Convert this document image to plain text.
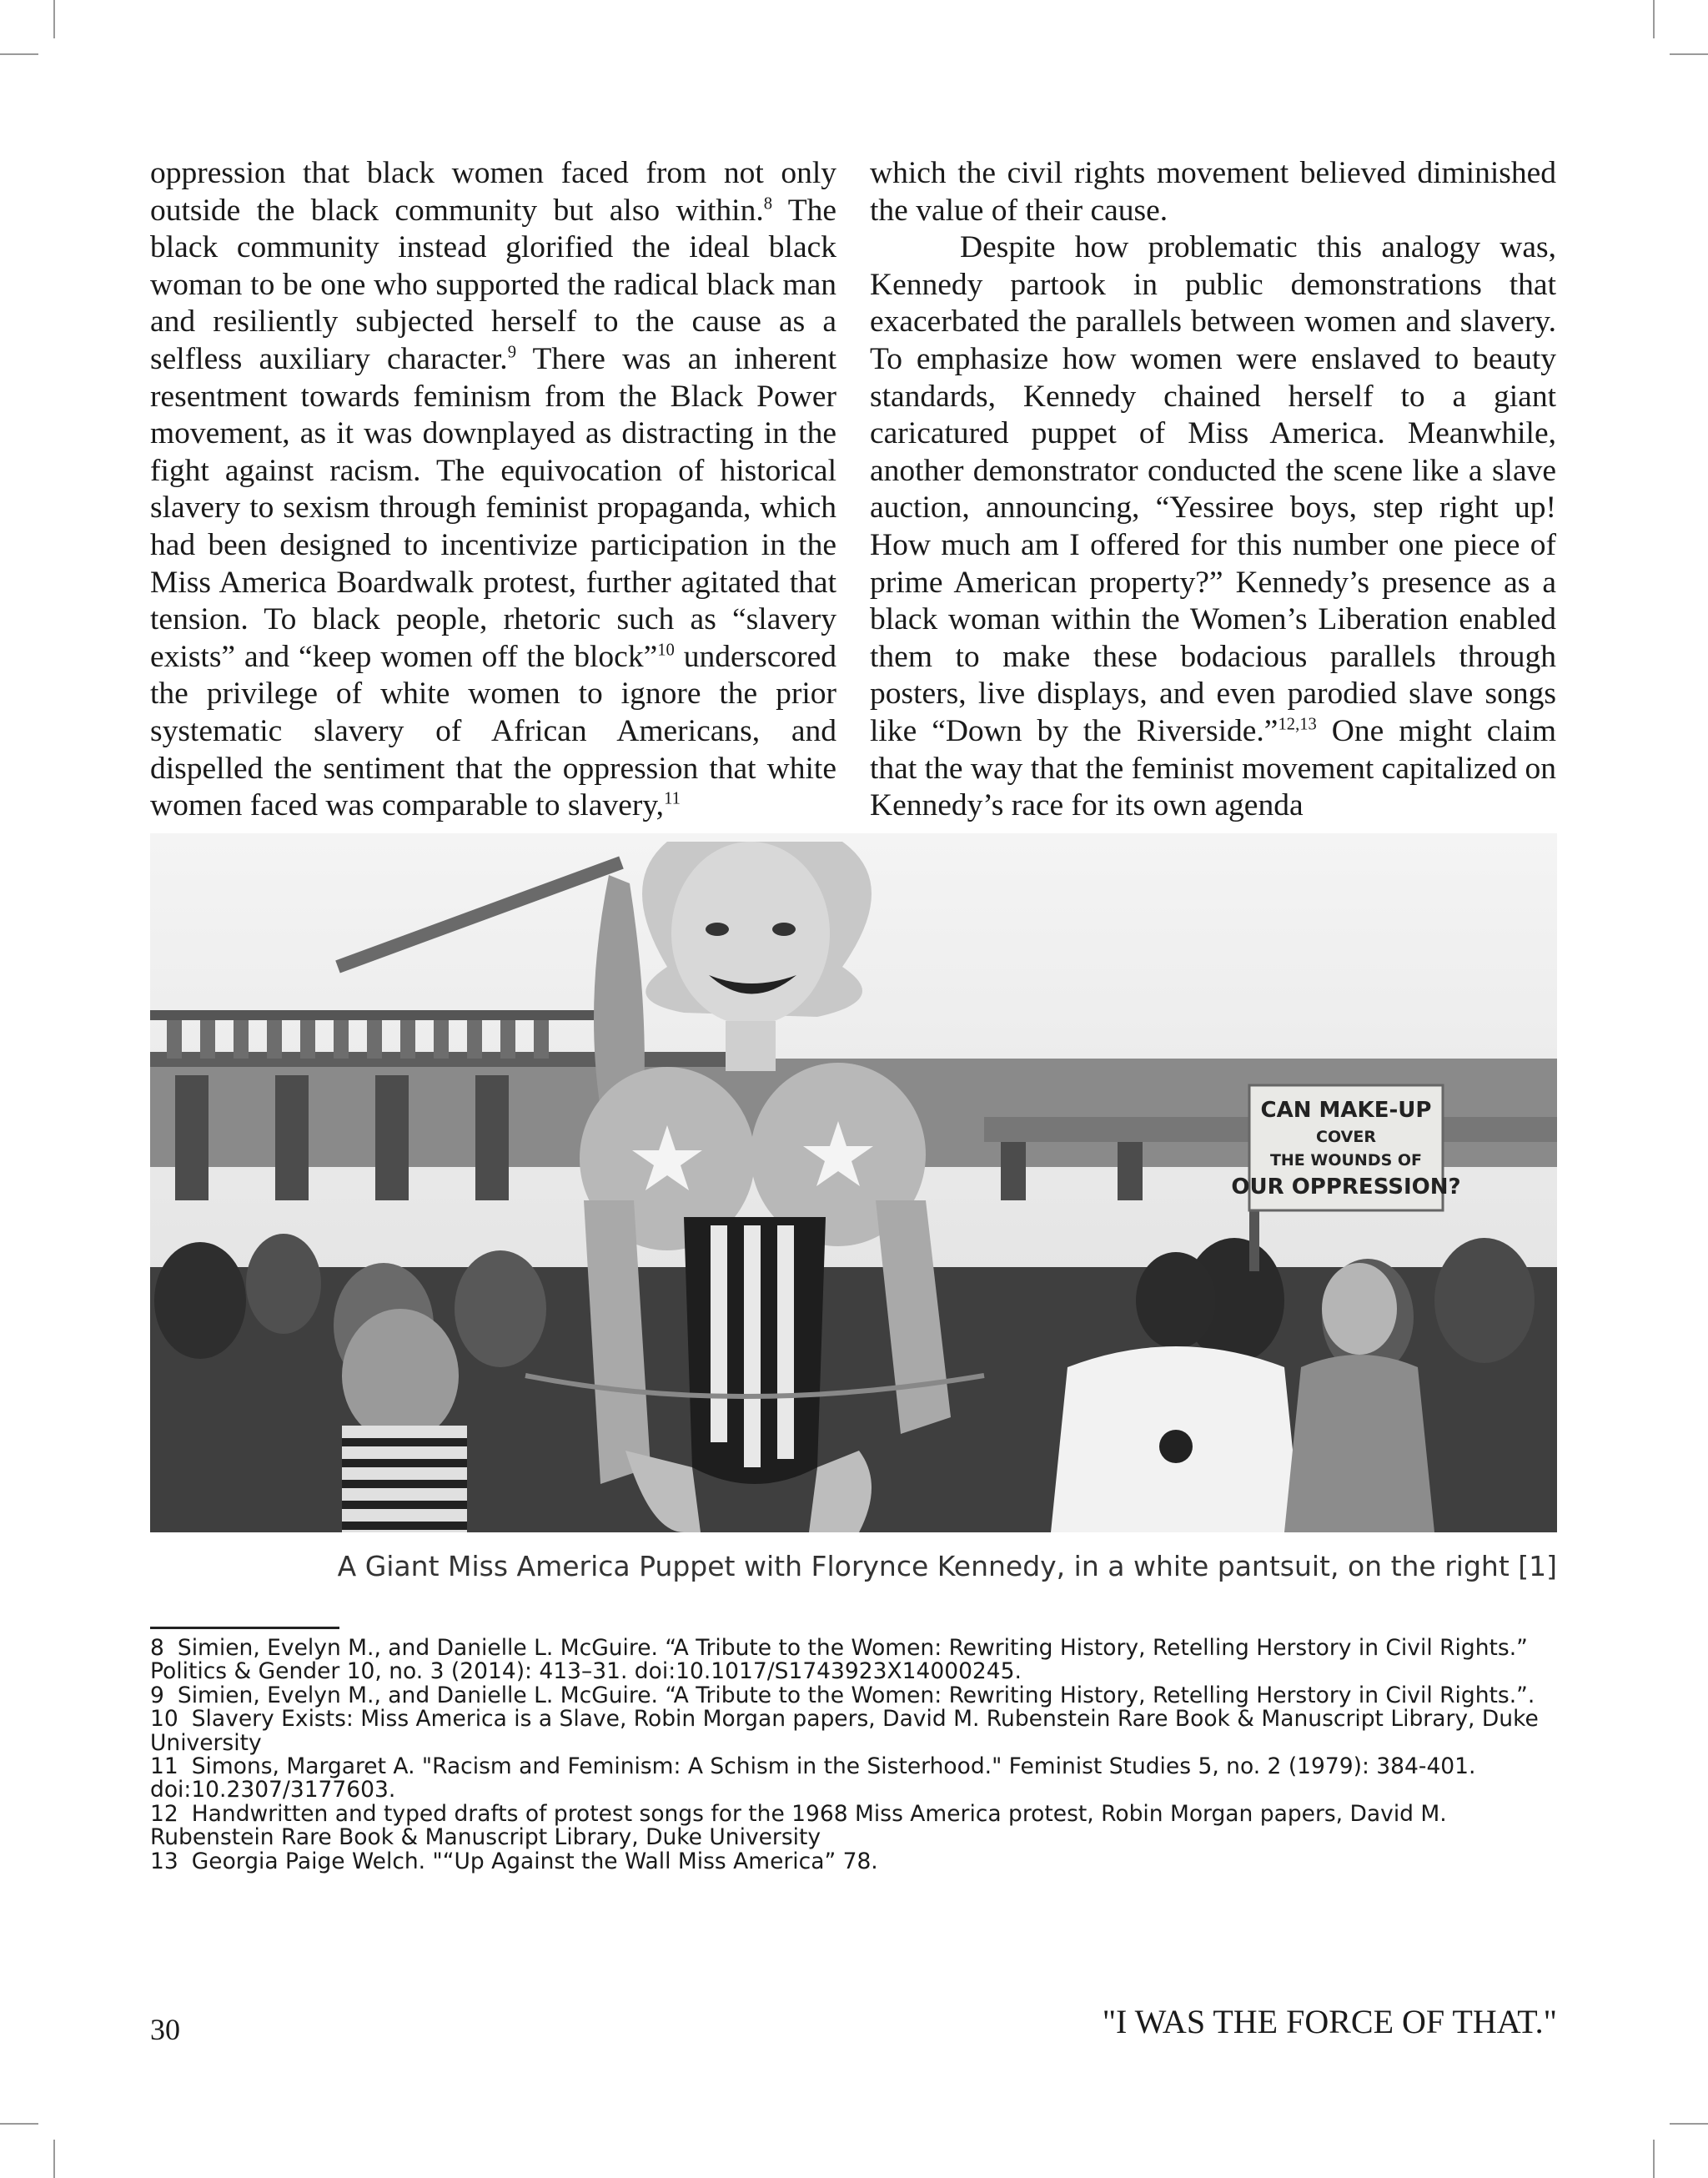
oppression that black women faced from not only outside the black community but also within.$^8$ The black community instead glorified the ideal black woman to be one who supported the radical black man and resiliently subjected herself to the cause as a selfless auxiliary character.$^9$ There was an inherent resentment towards feminism from the Black Power movement, as it was downplayed as distracting in the fight against racism. The equivocation of historical slavery to sexism through feminist propaganda, which had been designed to incentivize participation in the Miss America Boardwalk protest, further agitated that tension. To black people, rhetoric such as “slavery exists” and “keep women off the block”$^{10}$ underscored the privilege of white women to ignore the prior systematic slavery of African Americans, and dispelled the sentiment that the oppression that white women faced was comparable to slavery,$^{11}$

which the civil rights movement believed diminished the value of their cause.

Despite how problematic this analogy was, Kennedy partook in public demonstrations that exacerbated the parallels between women and slavery. To emphasize how women were enslaved to beauty standards, Kennedy chained herself to a giant caricatured puppet of Miss America. Meanwhile, another demonstrator conducted the scene like a slave auction, announcing, “Yessiree boys, step right up! How much am I offered for this number one piece of prime American property?” Kennedy’s presence as a black woman within the Women’s Liberation enabled them to make these bodacious parallels through posters, live displays, and even parodied slave songs like “Down by the Riverside.”$^{12,13}$ One might claim that the way that the feminist movement capitalized on Kennedy’s race for its own agenda

CAN MAKE-UP
COVER
THE WOUNDS OF
OUR OPPRESSION?
A Giant Miss America Puppet with Florynce Kennedy, in a white pantsuit, on the right [1]

8 Simien, Evelyn M., and Danielle L. McGuire. “A Tribute to the Women: Rewriting History, Retelling Herstory in Civil Rights.” Politics & Gender 10, no. 3 (2014): 413–31. doi:10.1017/S1743923X14000245.

9 Simien, Evelyn M., and Danielle L. McGuire. “A Tribute to the Women: Rewriting History, Retelling Herstory in Civil Rights.”.

10 Slavery Exists: Miss America is a Slave, Robin Morgan papers, David M. Rubenstein Rare Book & Manuscript Library, Duke University

11 Simons, Margaret A. "Racism and Feminism: A Schism in the Sisterhood." Feminist Studies 5, no. 2 (1979): 384-401. doi:10.2307/3177603.

12 Handwritten and typed drafts of protest songs for the 1968 Miss America protest, Robin Morgan papers, David M. Rubenstein Rare Book & Manuscript Library, Duke University

13 Georgia Paige Welch. "“Up Against the Wall Miss America” 78.

30	"I WAS THE FORCE OF THAT."
